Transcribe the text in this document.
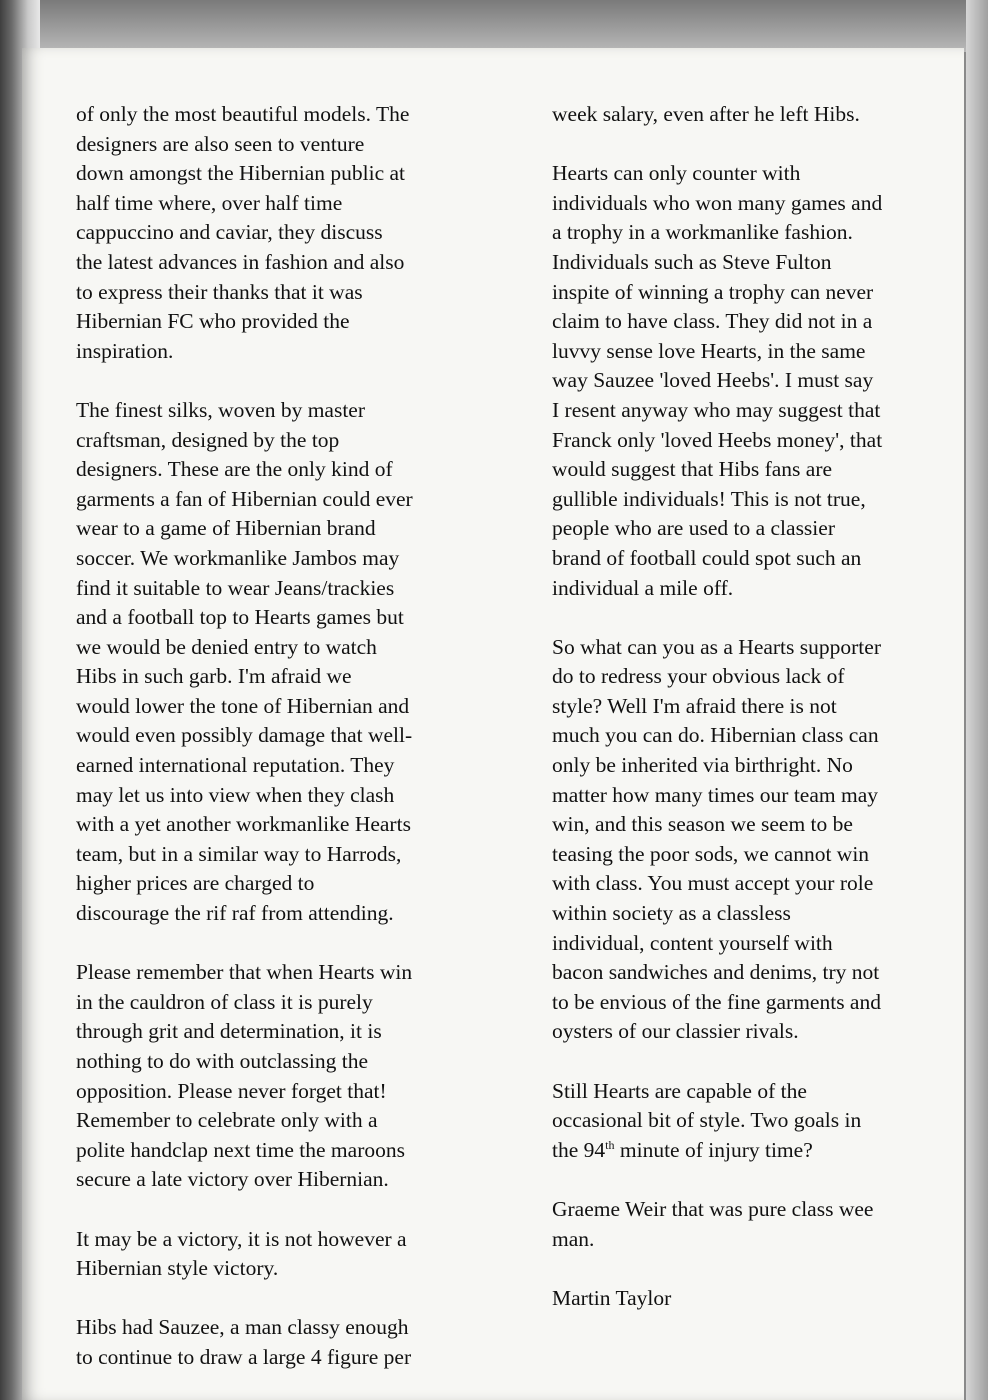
of only the most beautiful models. The
designers are also seen to venture
down amongst the Hibernian public at
half time where, over half time
cappuccino and caviar, they discuss
the latest advances in fashion and also
to express their thanks that it was
Hibernian FC who provided the
inspiration.
The finest silks, woven by master
craftsman, designed by the top
designers. These are the only kind of
garments a fan of Hibernian could ever
wear to a game of Hibernian brand
soccer. We workmanlike Jambos may
find it suitable to wear Jeans/trackies
and a football top to Hearts games but
we would be denied entry to watch
Hibs in such garb. I'm afraid we
would lower the tone of Hibernian and
would even possibly damage that well-
earned international reputation. They
may let us into view when they clash
with a yet another workmanlike Hearts
team, but in a similar way to Harrods,
higher prices are charged to
discourage the rif raf from attending.
Please remember that when Hearts win
in the cauldron of class it is purely
through grit and determination, it is
nothing to do with outclassing the
opposition. Please never forget that!
Remember to celebrate only with a
polite handclap next time the maroons
secure a late victory over Hibernian.
It may be a victory, it is not however a
Hibernian style victory.
Hibs had Sauzee, a man classy enough
to continue to draw a large 4 figure per
week salary, even after he left Hibs.
Hearts can only counter with
individuals who won many games and
a trophy in a workmanlike fashion.
Individuals such as Steve Fulton
inspite of winning a trophy can never
claim to have class. They did not in a
luvvy sense love Hearts, in the same
way Sauzee 'loved Heebs'. I must say
I resent anyway who may suggest that
Franck only 'loved Heebs money', that
would suggest that Hibs fans are
gullible individuals! This is not true,
people who are used to a classier
brand of football could spot such an
individual a mile off.
So what can you as a Hearts supporter
do to redress your obvious lack of
style? Well I'm afraid there is not
much you can do. Hibernian class can
only be inherited via birthright. No
matter how many times our team may
win, and this season we seem to be
teasing the poor sods, we cannot win
with class. You must accept your role
within society as a classless
individual, content yourself with
bacon sandwiches and denims, try not
to be envious of the fine garments and
oysters of our classier rivals.
Still Hearts are capable of the
occasional bit of style. Two goals in
the 94th minute of injury time?
Graeme Weir that was pure class wee
man.
Martin Taylor
